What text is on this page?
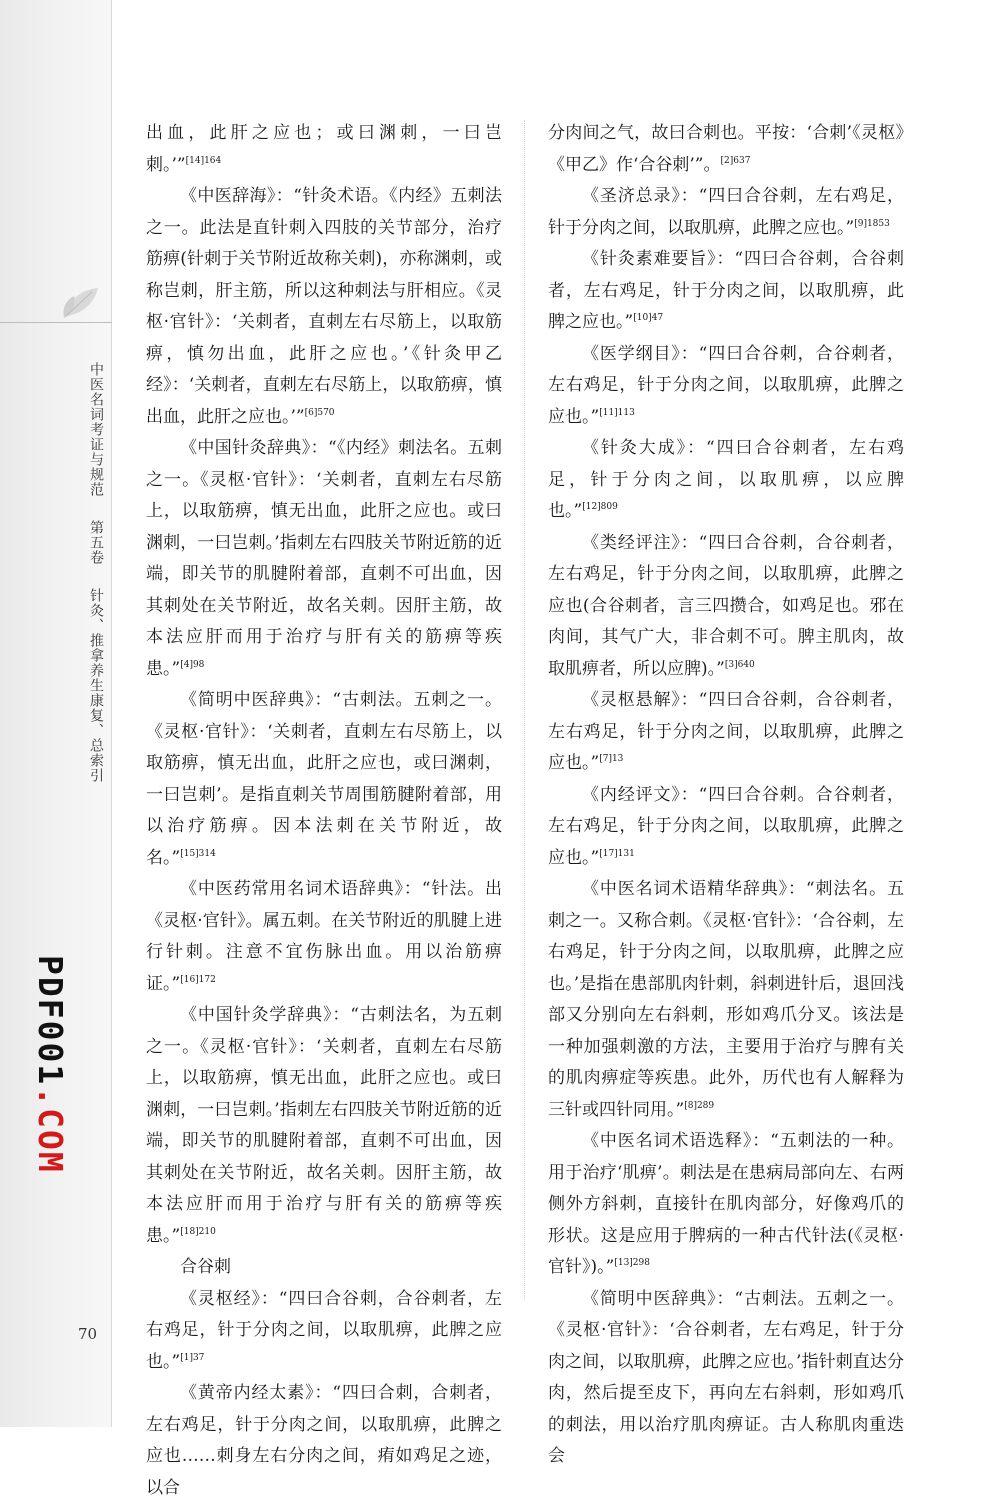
中医名词考证与规范  第五卷  针灸、推拿养生康复、总索引
PDF001.COM
70

出血，此肝之应也；或曰渊刺，一曰岂刺。’”$^{[14]164}$

《中医辞海》：“针灸术语。《内经》五刺法之一。此法是直针刺入四肢的关节部分，治疗筋痹(针刺于关节附近故称关刺)，亦称渊刺，或称岂刺，肝主筋，所以这种刺法与肝相应。《灵枢·官针》：‘关刺者，直刺左右尽筋上，以取筋痹，慎勿出血，此肝之应也。’《针灸甲乙经》：‘关刺者，直刺左右尽筋上，以取筋痹，慎出血，此肝之应也。’”$^{[6]570}$

《中国针灸辞典》：“《内经》刺法名。五刺之一。《灵枢·官针》：‘关刺者，直刺左右尽筋上，以取筋痹，慎无出血，此肝之应也。或曰渊刺，一曰岂刺。’指刺左右四肢关节附近筋的近端，即关节的肌腱附着部，直刺不可出血，因其刺处在关节附近，故名关刺。因肝主筋，故本法应肝而用于治疗与肝有关的筋痹等疾患。”$^{[4]98}$

《简明中医辞典》：“古刺法。五刺之一。《灵枢·官针》：‘关刺者，直刺左右尽筋上，以取筋痹，慎无出血，此肝之应也，或曰渊刺，一曰岂刺’。是指直刺关节周围筋腱附着部，用以治疗筋痹。因本法刺在关节附近，故名。”$^{[15]314}$

《中医药常用名词术语辞典》：“针法。出《灵枢·官针》。属五刺。在关节附近的肌腱上进行针刺。注意不宜伤脉出血。用以治筋痹证。”$^{[16]172}$

《中国针灸学辞典》：“古刺法名，为五刺之一。《灵枢·官针》：‘关刺者，直刺左右尽筋上，以取筋痹，慎无出血，此肝之应也。或曰渊刺，一曰岂刺。’指刺左右四肢关节附近筋的近端，即关节的肌腱附着部，直刺不可出血，因其刺处在关节附近，故名关刺。因肝主筋，故本法应肝而用于治疗与肝有关的筋痹等疾患。”$^{[18]210}$

合谷刺

《灵枢经》：“四曰合谷刺，合谷刺者，左右鸡足，针于分肉之间，以取肌痹，此脾之应也。”$^{[1]37}$

《黄帝内经太素》：“四曰合刺，合刺者，左右鸡足，针于分肉之间，以取肌痹，此脾之应也……刺身左右分肉之间，痏如鸡足之迹，以合

分肉间之气，故曰合刺也。平按：‘合刺’《灵枢》《甲乙》作‘合谷刺’”。$^{[2]637}$

《圣济总录》：“四曰合谷刺，左右鸡足，针于分肉之间，以取肌痹，此脾之应也。”$^{[9]1853}$

《针灸素难要旨》：“四曰合谷刺，合谷刺者，左右鸡足，针于分肉之间，以取肌痹，此脾之应也。”$^{[10]47}$

《医学纲目》：“四曰合谷刺，合谷刺者，左右鸡足，针于分肉之间，以取肌痹，此脾之应也。”$^{[11]113}$

《针灸大成》：“四曰合谷刺者，左右鸡足，针于分肉之间，以取肌痹，以应脾也。”$^{[12]809}$

《类经评注》：“四曰合谷刺，合谷刺者，左右鸡足，针于分肉之间，以取肌痹，此脾之应也(合谷刺者，言三四攒合，如鸡足也。邪在肉间，其气广大，非合刺不可。脾主肌肉，故取肌痹者，所以应脾)。”$^{[3]640}$

《灵枢悬解》：“四曰合谷刺，合谷刺者，左右鸡足，针于分肉之间，以取肌痹，此脾之应也。”$^{[7]13}$

《内经评文》：“四曰合谷刺。合谷刺者，左右鸡足，针于分肉之间，以取肌痹，此脾之应也。”$^{[17]131}$

《中医名词术语精华辞典》：“刺法名。五刺之一。又称合刺。《灵枢·官针》：‘合谷刺，左右鸡足，针于分肉之间，以取肌痹，此脾之应也。’是指在患部肌肉针刺，斜刺进针后，退回浅部又分别向左右斜刺，形如鸡爪分叉。该法是一种加强刺激的方法，主要用于治疗与脾有关的肌肉痹症等疾患。此外，历代也有人解释为三针或四针同用。”$^{[8]289}$

《中医名词术语选释》：“五刺法的一种。用于治疗‘肌痹’。刺法是在患病局部向左、右两侧外方斜刺，直接针在肌肉部分，好像鸡爪的形状。这是应用于脾病的一种古代针法(《灵枢·官针》)。”$^{[13]298}$

《简明中医辞典》：“古刺法。五刺之一。《灵枢·官针》：‘合谷刺者，左右鸡足，针于分肉之间，以取肌痹，此脾之应也。’指针刺直达分肉，然后提至皮下，再向左右斜刺，形如鸡爪的刺法，用以治疗肌肉痹证。古人称肌肉重迭会
